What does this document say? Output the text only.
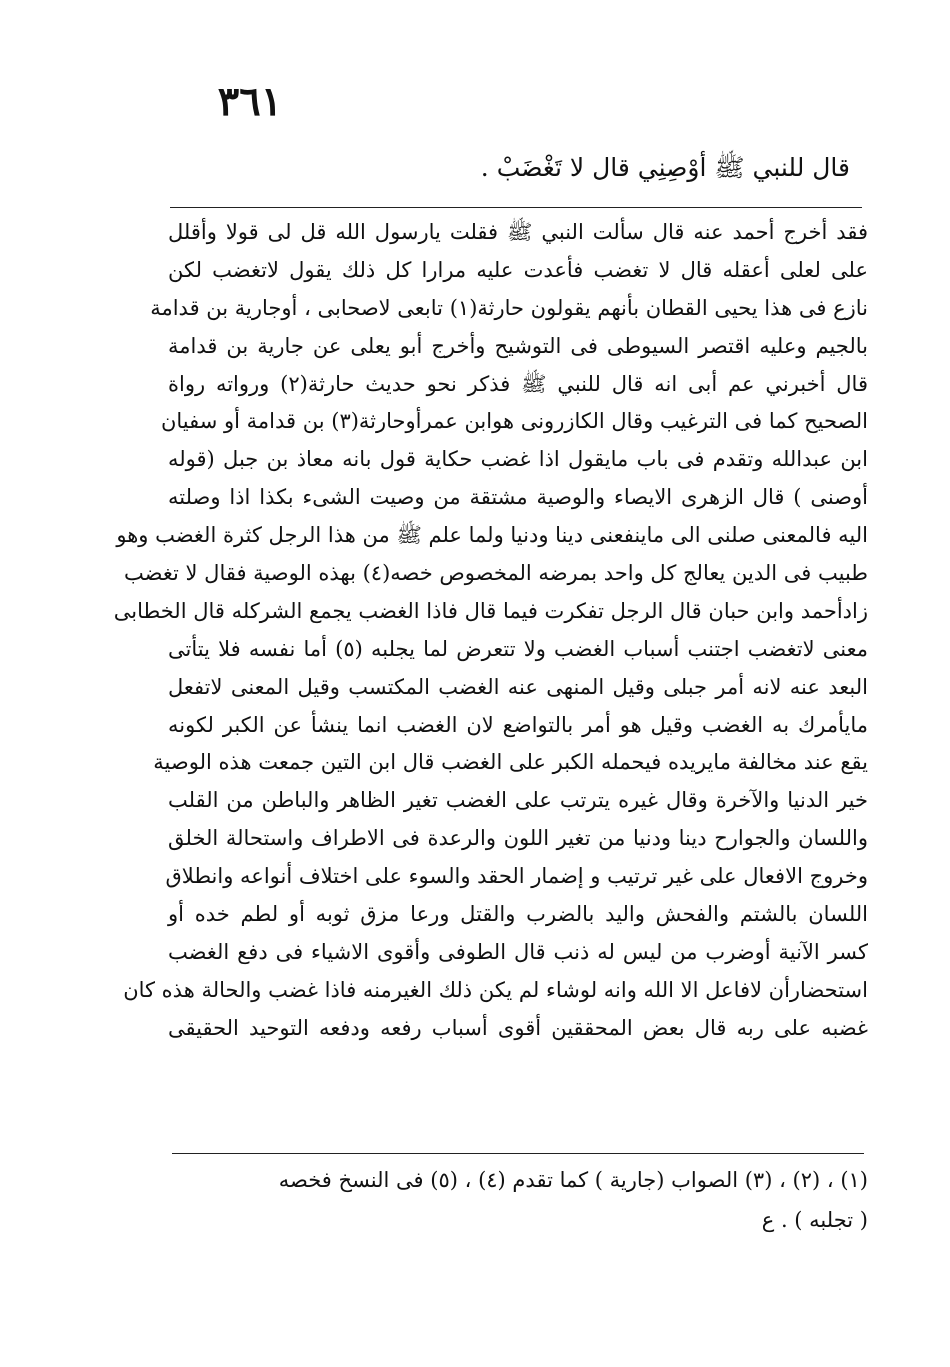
٣٦١
قال للنبي ﷺ أوْصِنِي قال لا تَغْضَبْ .
فقد أخرج أحمد عنه قال سألت النبي ﷺ فقلت يارسول الله قل لى قولا وأقلل
على لعلى أعقله قال لا تغضب فأعدت عليه مرارا كل ذلك يقول لاتغضب لكن
نازع فى هذا يحيى القطان بأنهم يقولون حارثة(١) تابعى لاصحابى ، أوجارية بن قدامة
بالجيم وعليه اقتصر السيوطى فى التوشيح وأخرج أبو يعلى عن جارية بن قدامة
قال أخبرني عم أبى انه قال للنبي ﷺ فذكر نحو حديث حارثة(٢) ورواته رواة
الصحيح كما فى الترغيب وقال الكازرونى هوابن عمرأوحارثة(٣) بن قدامة أو سفيان
ابن عبدالله وتقدم فى باب مايقول اذا غضب حكاية قول بانه معاذ بن جبل (قوله
أوصنى ) قال الزهرى الايصاء والوصية مشتقة من وصيت الشىء بكذا اذا وصلته
اليه فالمعنى صلنى الى ماينفعنى دينا ودنيا ولما علم ﷺ من هذا الرجل كثرة الغضب وهو
طبيب فى الدين يعالج كل واحد بمرضه المخصوص خصه(٤) بهذه الوصية فقال لا تغضب
زادأحمد وابن حبان قال الرجل تفكرت فيما قال فاذا الغضب يجمع الشركله قال الخطابى
معنى لاتغضب اجتنب أسباب الغضب ولا تتعرض لما يجلبه (٥) أما نفسه فلا يتأتى
البعد عنه لانه أمر جبلى وقيل المنهى عنه الغضب المكتسب وقيل المعنى لاتفعل
مايأمرك به الغضب وقيل هو أمر بالتواضع لان الغضب انما ينشأ عن الكبر لكونه
يقع عند مخالفة مايريده فيحمله الكبر على الغضب قال ابن التين جمعت هذه الوصية
خير الدنيا والآخرة وقال غيره يترتب على الغضب تغير الظاهر والباطن من القلب
واللسان والجوارح دينا ودنيا من تغير اللون والرعدة فى الاطراف واستحالة الخلق
وخروج الافعال على غير ترتيب و إضمار الحقد والسوء على اختلاف أنواعه وانطلاق
اللسان بالشتم والفحش واليد بالضرب والقتل ورعا مزق ثوبه أو لطم خده أو
كسر الآنية أوضرب من ليس له ذنب قال الطوفى وأقوى الاشياء فى دفع الغضب
استحضارأن لافاعل الا الله وانه لوشاء لم يكن ذلك الغيرمنه فاذا غضب والحالة هذه كان
غضبه على ربه قال بعض المحققين أقوى أسباب رفعه ودفعه التوحيد الحقيقى
(١) ، (٢) ، (٣) الصواب (جارية ) كما تقدم (٤) ، (٥) فى النسخ فخصه
( تجلبه ) . ع
